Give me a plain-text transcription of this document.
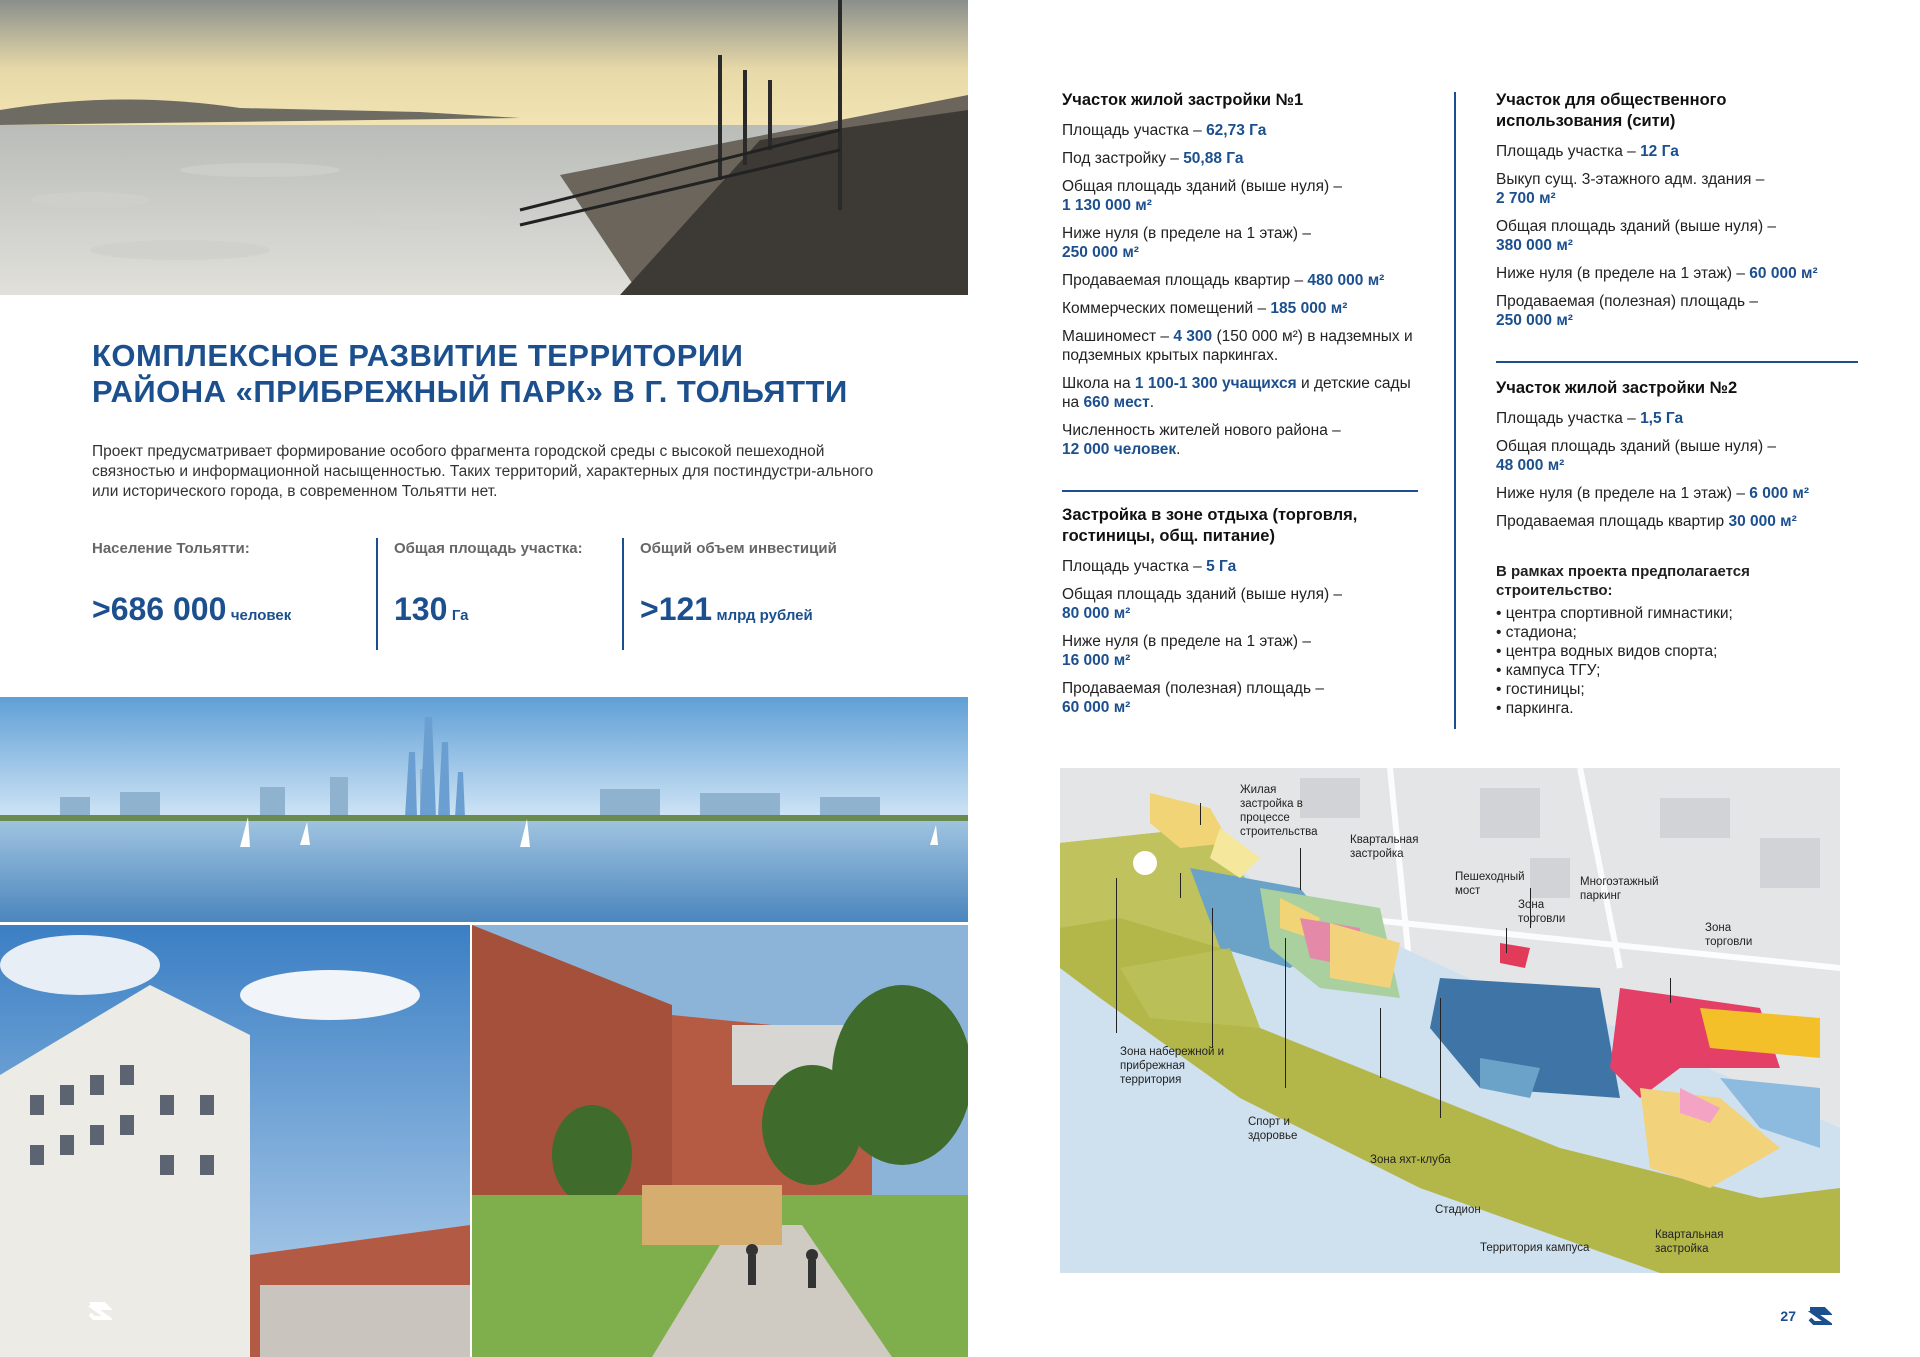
КОМПЛЕКСНОЕ РАЗВИТИЕ ТЕРРИТОРИИ
РАЙОНА «ПРИБРЕЖНЫЙ ПАРК» В Г. ТОЛЬЯТТИ

Проект предусматривает формирование особого фрагмента городской среды с высокой пешеходной связностью и информационной насыщенностью. Таких территорий, характерных для постиндустри-ального или исторического города, в современном Тольятти нет.

Население Тольятти:
>686 000 человек
Общая площадь участка:
130 Га
Общий объем инвестиций
>121 млрд рублей
Участок жилой застройки №1
Площадь участка – 62,73 Га
Под застройку – 50,88 Га
Общая площадь зданий (выше нуля) –
1 130 000 м²
Ниже нуля (в пределе на 1 этаж) –
250 000 м²
Продаваемая площадь квартир – 480 000 м²
Коммерческих помещений – 185 000 м²
Машиномест – 4 300 (150 000 м²) в надземных и подземных крытых паркингах.
Школа на 1 100-1 300 учащихся и детские сады на 660 мест.
Численность жителей нового района –
12 000 человек.
Застройка в зоне отдыха (торговля, гостиницы, общ. питание)
Площадь участка – 5 Га
Общая площадь зданий (выше нуля) –
80 000 м²
Ниже нуля (в пределе на 1 этаж) –
16 000 м²
Продаваемая (полезная) площадь –
60 000 м²
Участок для общественного использования (сити)
Площадь участка – 12 Га
Выкуп сущ. 3-этажного адм. здания –
2 700 м²
Общая площадь зданий (выше нуля) –
380 000 м²
Ниже нуля (в пределе на 1 этаж) – 60 000 м²
Продаваемая (полезная) площадь –
250 000 м²
Участок жилой застройки №2
Площадь участка – 1,5 Га
Общая площадь зданий (выше нуля) –
48 000 м²
Ниже нуля (в пределе на 1 этаж) – 6 000 м²
Продаваемая площадь квартир 30 000 м²
В рамках проекта предполагается строительство:
• центра спортивной гимнастики;
• стадиона;
• центра водных видов спорта;
• кампуса ТГУ;
• гостиницы;
• паркинга.
Жилая застройка в процессе строительства
Квартальная застройка
Пешеходный мост
Многоэтажный паркинг
Зона торговли
Зона торговли
Зона набережной и прибрежная территория
Спорт и здоровье
Зона яхт-клуба
Стадион
Территория кампуса
Квартальная застройка
27
